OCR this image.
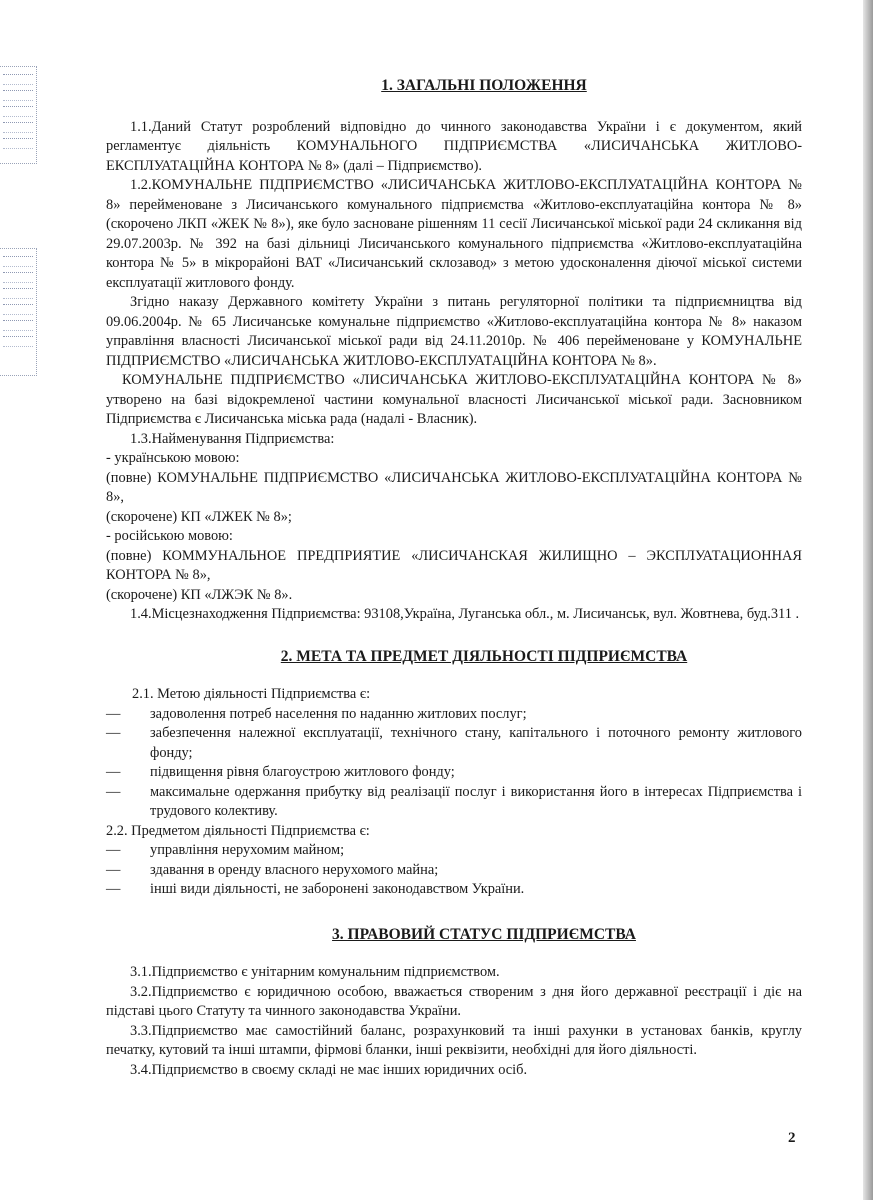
1. ЗАГАЛЬНІ ПОЛОЖЕННЯ

1.1.Даний Статут розроблений відповідно до чинного законодавства України і є документом, який регламентує діяльність КОМУНАЛЬНОГО ПІДПРИЄМСТВА «ЛИСИЧАНСЬКА ЖИТЛОВО-ЕКСПЛУАТАЦІЙНА КОНТОРА № 8» (далі – Підприємство).

1.2.КОМУНАЛЬНЕ ПІДПРИЄМСТВО «ЛИСИЧАНСЬКА ЖИТЛОВО-ЕКСПЛУАТАЦІЙНА КОНТОРА № 8» перейменоване з Лисичанського комунального підприємства «Житлово-експлуатаційна контора № 8» (скорочено ЛКП «ЖЕК № 8»), яке було засноване рішенням 11 сесії Лисичанської міської ради 24 скликання від 29.07.2003р. № 392 на базі дільниці Лисичанського комунального підприємства «Житлово-експлуатаційна контора № 5» в мікрорайоні ВАТ «Лисичанський склозавод» з метою удосконалення діючої міської системи експлуатації житлового фонду.

Згідно наказу Державного комітету України з питань регуляторної політики та підприємництва від 09.06.2004р. № 65 Лисичанське комунальне підприємство «Житлово-експлуатаційна контора № 8» наказом управління власності Лисичанської міської ради від 24.11.2010р. № 406 перейменоване у КОМУНАЛЬНЕ ПІДПРИЄМСТВО «ЛИСИЧАНСЬКА ЖИТЛОВО-ЕКСПЛУАТАЦІЙНА КОНТОРА № 8».

КОМУНАЛЬНЕ ПІДПРИЄМСТВО «ЛИСИЧАНСЬКА ЖИТЛОВО-ЕКСПЛУАТАЦІЙНА КОНТОРА № 8» утворено на базі відокремленої частини комунальної власності Лисичанської міської ради. Засновником Підприємства є Лисичанська міська рада (надалі - Власник).

1.3.Найменування Підприємства:

- українською мовою:

(повне) КОМУНАЛЬНЕ ПІДПРИЄМСТВО «ЛИСИЧАНСЬКА ЖИТЛОВО-ЕКСПЛУАТАЦІЙНА КОНТОРА № 8»,

(скорочене) КП «ЛЖЕК № 8»;

- російською мовою:

(повне) КОММУНАЛЬНОЕ ПРЕДПРИЯТИЕ «ЛИСИЧАНСКАЯ ЖИЛИЩНО – ЭКСПЛУАТАЦИОННАЯ КОНТОРА № 8»,

(скорочене) КП «ЛЖЭК № 8».

1.4.Місцезнаходження Підприємства: 93108,Україна, Луганська обл., м. Лисичанськ, вул. Жовтнева, буд.311 .

2. МЕТА ТА ПРЕДМЕТ ДІЯЛЬНОСТІ ПІДПРИЄМСТВА

2.1. Метою діяльності Підприємства є:

— задоволення потреб населення по наданню житлових послуг;
— забезпечення належної експлуатації, технічного стану, капітального і поточного ремонту житлового фонду;
— підвищення рівня благоустрою житлового фонду;
— максимальне одержання прибутку від реалізації послуг і використання його в інтересах Підприємства і трудового колективу.

2.2. Предметом діяльності Підприємства є:

— управління нерухомим майном;
— здавання в оренду власного нерухомого майна;
— інші види діяльності, не заборонені законодавством України.
3. ПРАВОВИЙ СТАТУС ПІДПРИЄМСТВА

3.1.Підприємство є унітарним комунальним підприємством.

3.2.Підприємство є юридичною особою, вважається створеним з дня його державної реєстрації і діє на підставі цього Статуту та чинного законодавства України.

3.3.Підприємство має самостійний баланс, розрахунковий та інші рахунки в установах банків, круглу печатку, кутовий та інші штампи, фірмові бланки, інші реквізити, необхідні для його діяльності.

3.4.Підприємство в своєму складі не має інших юридичних осіб.

2
